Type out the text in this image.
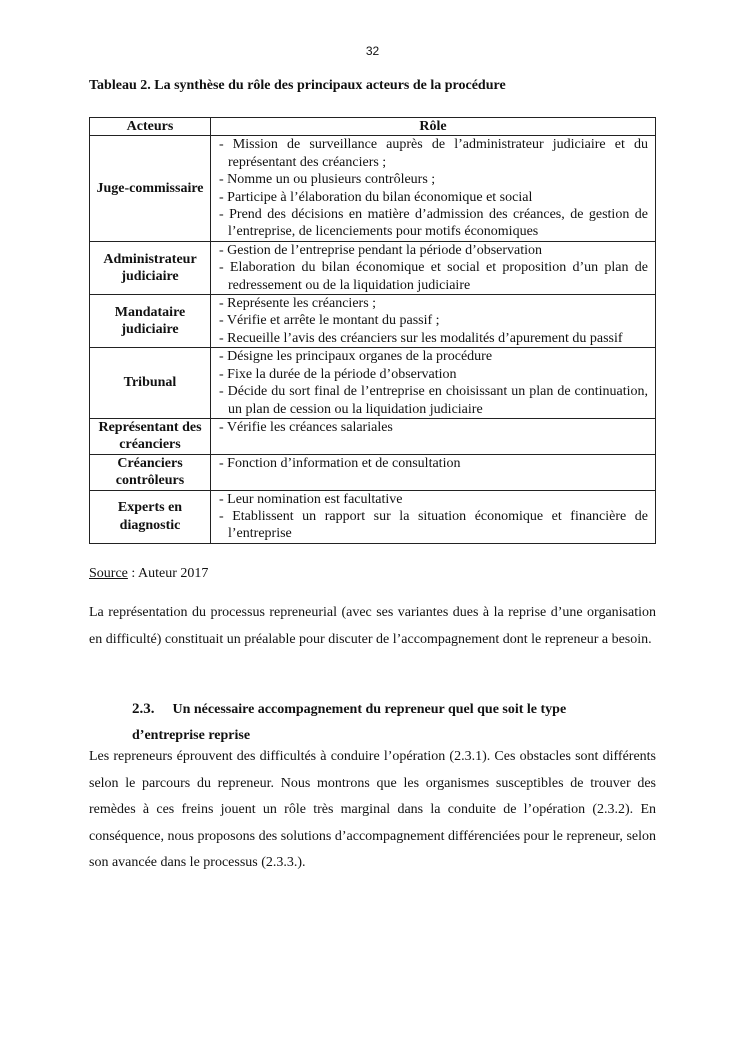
32
Tableau 2. La synthèse du rôle des principaux acteurs de la procédure
Acteurs	Rôle
Juge-commissaire	- Mission de surveillance auprès de l’administrateur judiciaire et du représentant des créanciers ;
- Nomme un ou plusieurs contrôleurs ;
- Participe à l’élaboration du bilan économique et social
- Prend des décisions en matière d’admission des créances, de gestion de l’entreprise, de licenciements pour motifs économiques

Administrateur judiciaire	- Gestion de l’entreprise pendant la période d’observation
- Elaboration du bilan économique et social et proposition d’un plan de redressement ou de la liquidation judiciaire

Mandataire judiciaire	- Représente les créanciers ;
- Vérifie et arrête le montant du passif ;
- Recueille l’avis des créanciers sur les modalités d’apurement du passif

Tribunal	- Désigne les principaux organes de la procédure
- Fixe la durée de la période d’observation
- Décide du sort final de l’entreprise en choisissant un plan de continuation, un plan de cession ou la liquidation judiciaire

Représentant des créanciers	- Vérifie les créances salariales

Créanciers contrôleurs	- Fonction d’information et de consultation

Experts en diagnostic	- Leur nomination est facultative
- Etablissent un rapport sur la situation économique et financière de l’entreprise
Source : Auteur 2017
La représentation du processus repreneurial (avec ses variantes dues à la reprise d’une organisation en difficulté) constituait un préalable pour discuter de l’accompagnement dont le repreneur a besoin.
2.3. Un nécessaire accompagnement du repreneur quel que soit le type d’entreprise reprise
Les repreneurs éprouvent des difficultés à conduire l’opération (2.3.1). Ces obstacles sont différents selon le parcours du repreneur. Nous montrons que les organismes susceptibles de trouver des remèdes à ces freins jouent un rôle très marginal dans la conduite de l’opération (2.3.2). En conséquence, nous proposons des solutions d’accompagnement différenciées pour le repreneur, selon son avancée dans le processus (2.3.3.).
